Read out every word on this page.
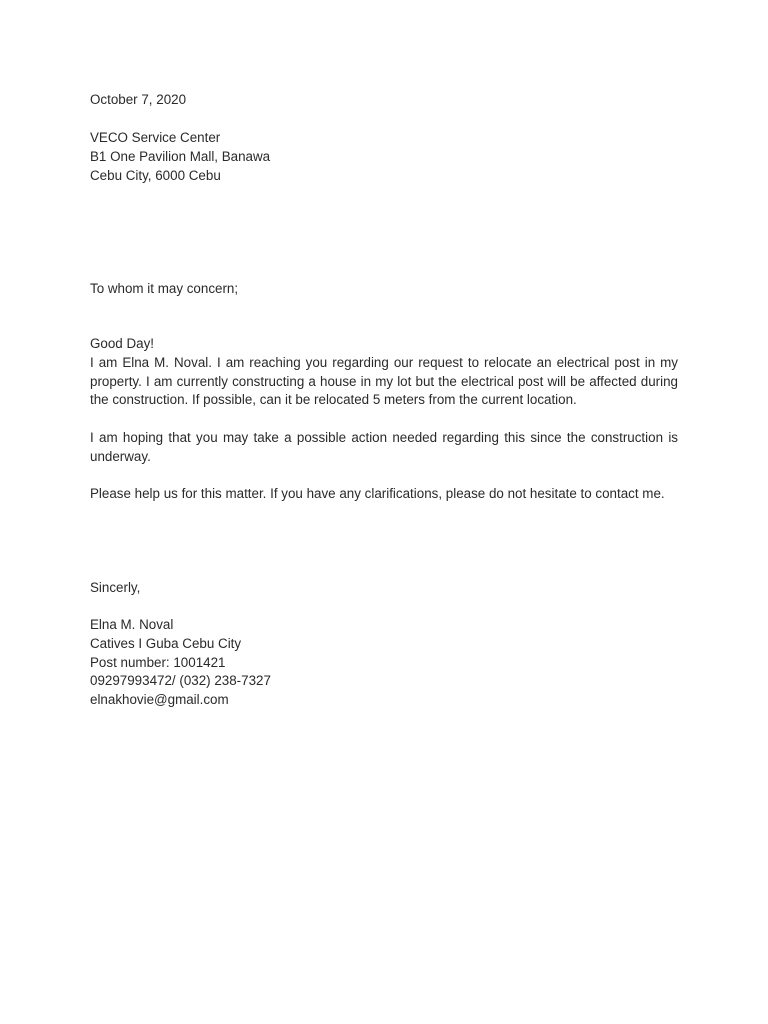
October 7, 2020
VECO Service Center
B1 One Pavilion Mall, Banawa
Cebu City, 6000 Cebu
To whom it may concern;
Good Day!
I am Elna M. Noval. I am reaching you regarding our request to relocate an electrical post in my property. I am currently constructing a house in my lot but the electrical post will be affected during the construction. If possible, can it be relocated 5 meters from the current location.
I am hoping that you may take a possible action needed regarding this since the construction is underway.
Please help us for this matter. If you have any clarifications, please do not hesitate to contact me.
Sincerly,
Elna M. Noval
Catives I Guba Cebu City
Post number: 1001421
09297993472/ (032) 238-7327
elnakhovie@gmail.com
